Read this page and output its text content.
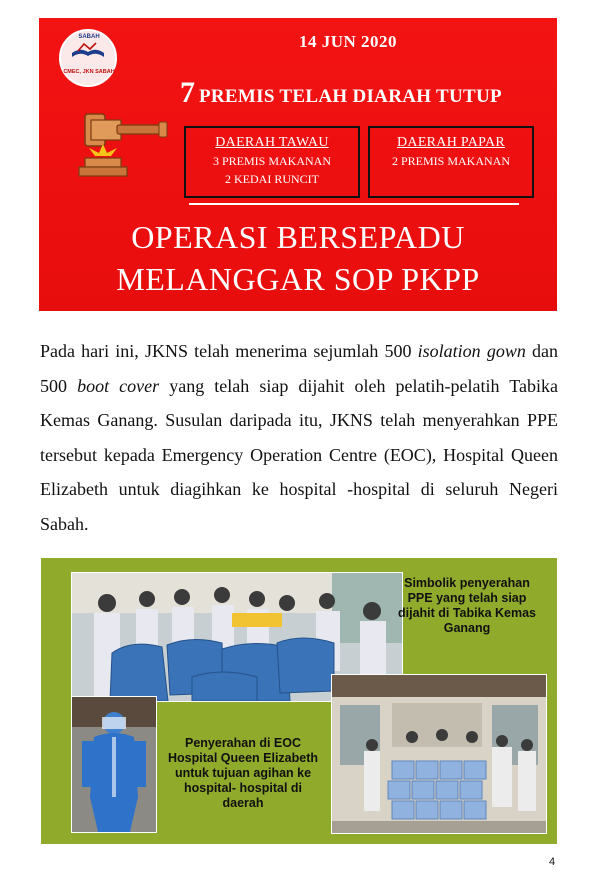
SABAH
CMEC, JKN SABAH
14 JUN 2020
7 PREMIS TELAH DIARAH TUTUP
DAERAH TAWAU
3 PREMIS MAKANAN
2 KEDAI RUNCIT
DAERAH PAPAR
2 PREMIS MAKANAN
OPERASI BERSEPADU
MELANGGAR SOP PKPP
Pada hari ini, JKNS telah menerima sejumlah 500 isolation gown dan 500 boot cover yang telah siap dijahit oleh pelatih-pelatih Tabika Kemas Ganang. Susulan daripada itu, JKNS telah menyerahkan PPE tersebut kepada Emergency Operation Centre (EOC), Hospital Queen Elizabeth untuk diagihkan ke hospital -hospital di seluruh Negeri Sabah.
Simbolik penyerahan PPE yang telah siap dijahit di Tabika Kemas Ganang
Penyerahan di EOC Hospital Queen Elizabeth untuk tujuan agihan ke hospital- hospital di daerah
4
